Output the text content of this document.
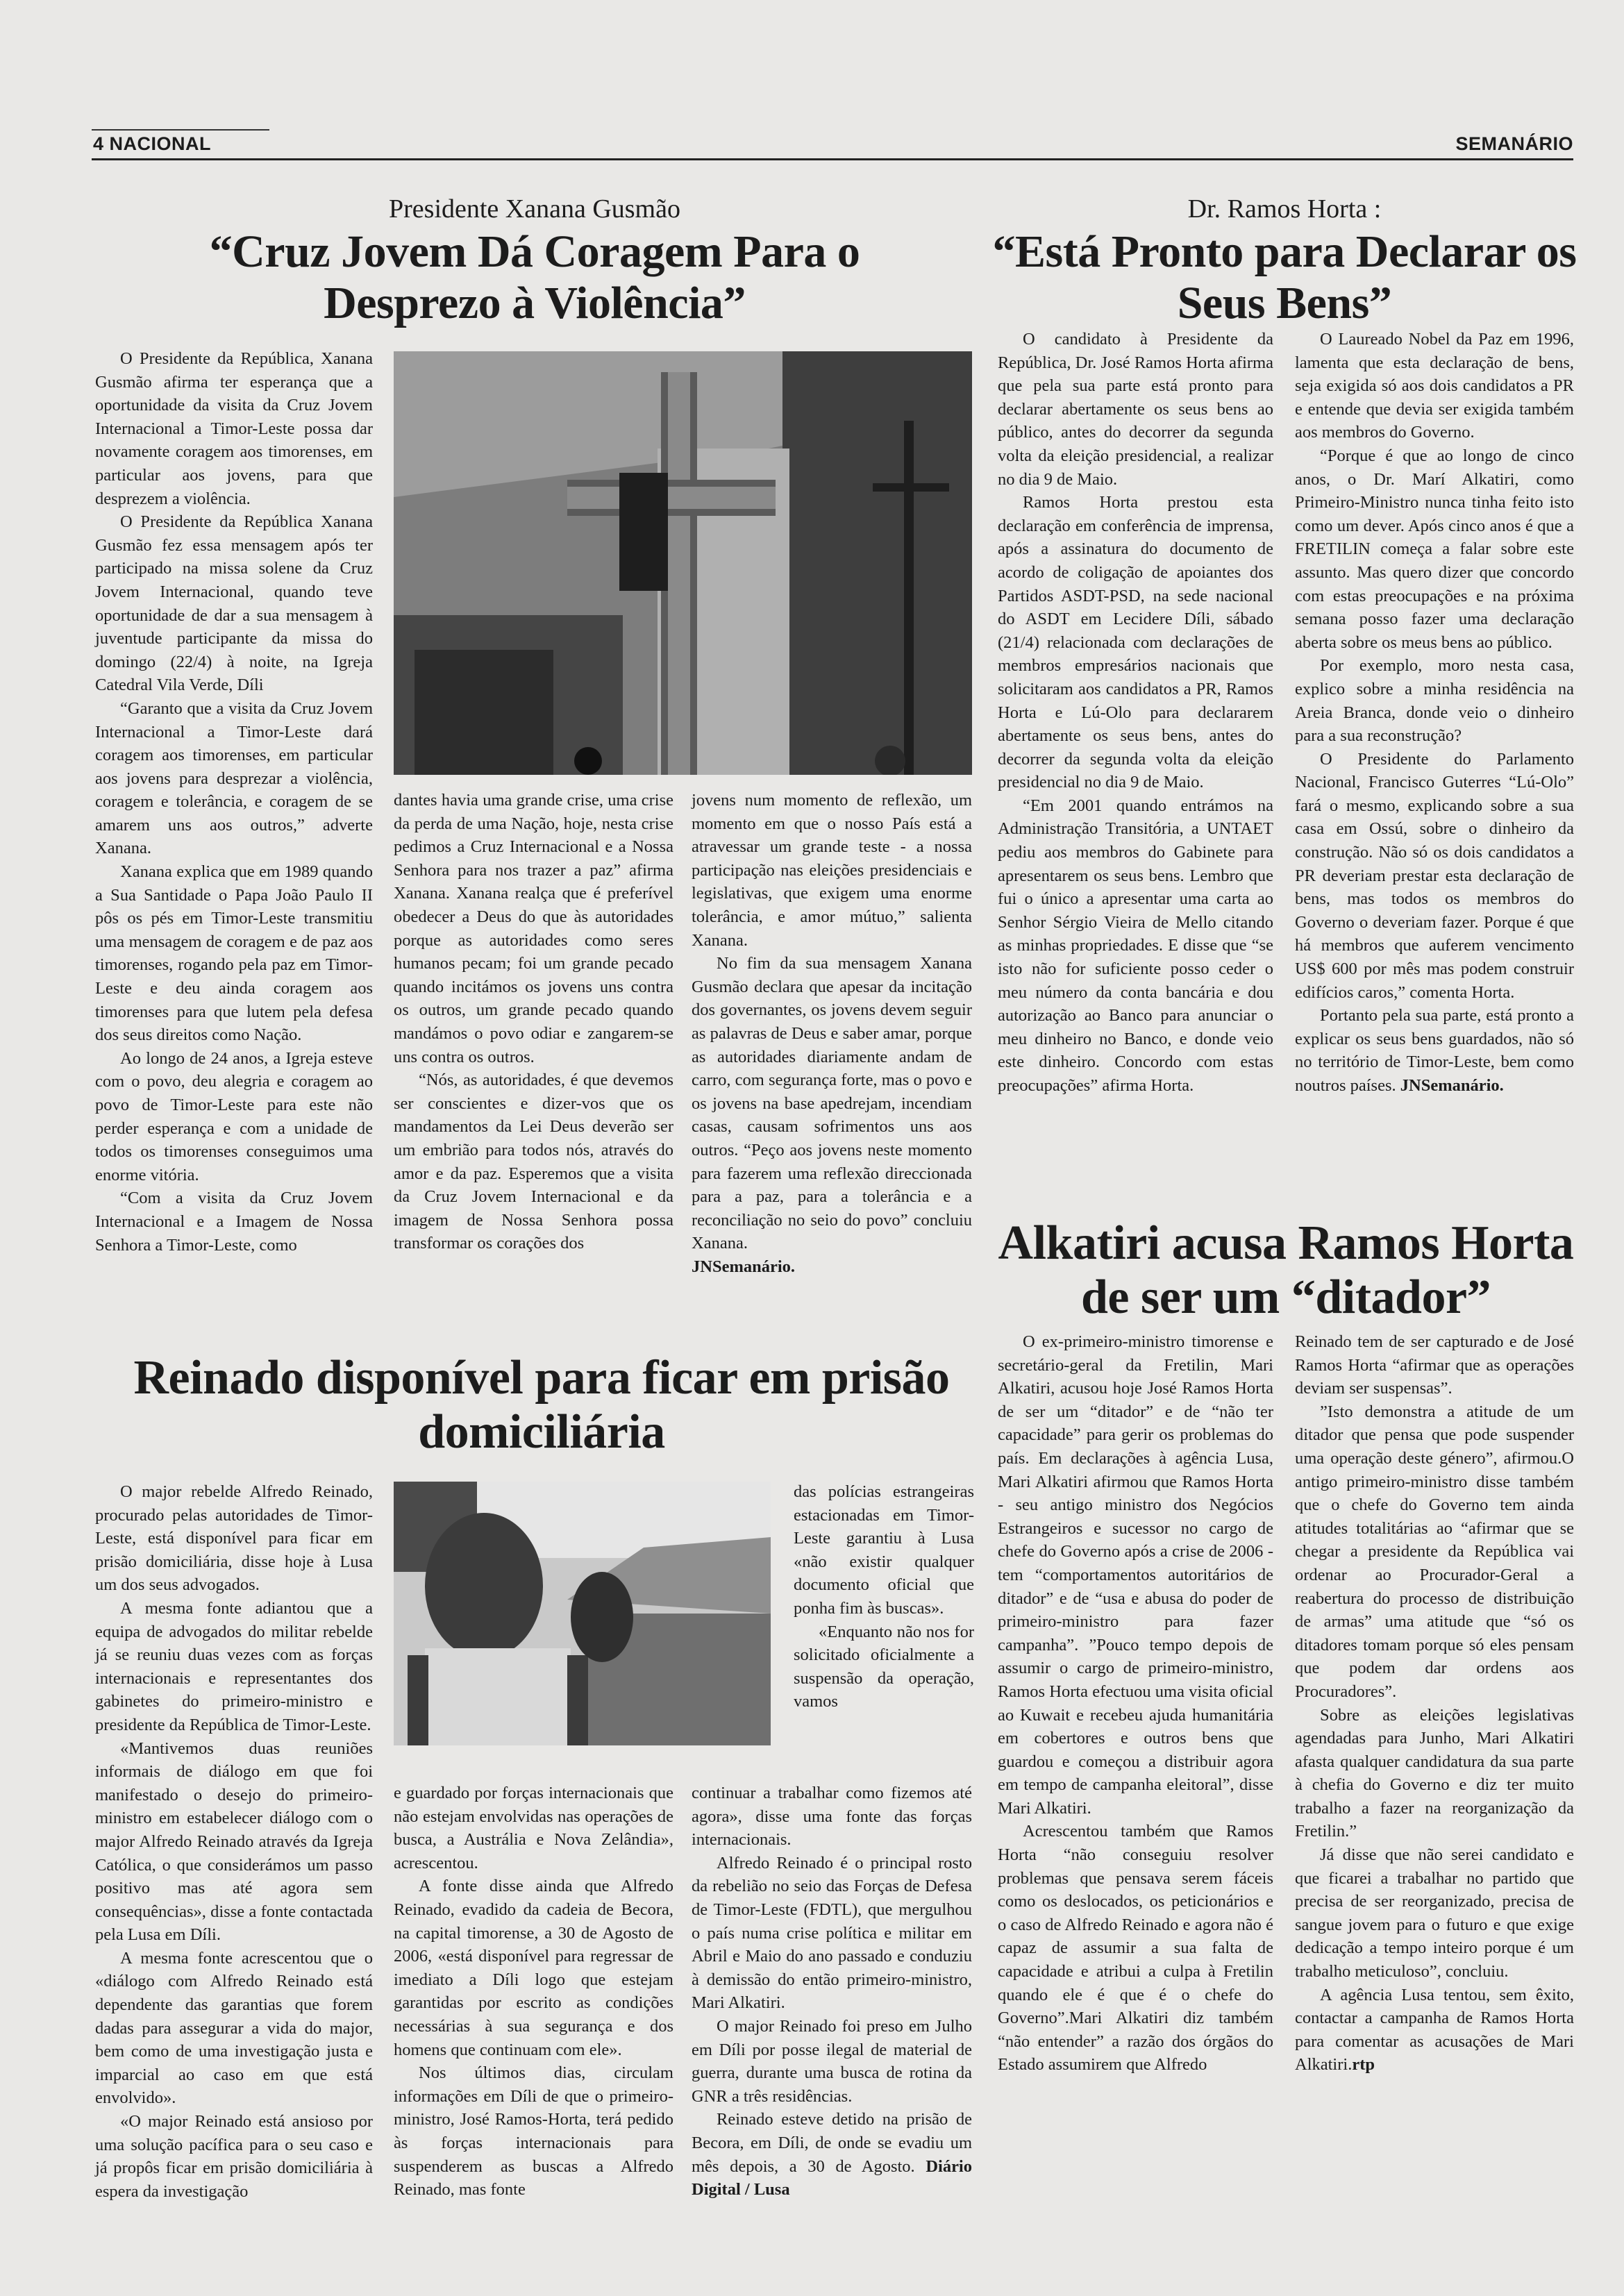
4 NACIONAL	SEMANÁRIO
Presidente Xanana Gusmão
“Cruz Jovem Dá Coragem Para o Desprezo à Violência”

O Presidente da República, Xanana Gusmão afirma ter esperança que a oportunidade da visita da Cruz Jovem Internacional a Timor-Leste possa dar novamente coragem aos timorenses, em particular aos jovens, para que desprezem a violência.

O Presidente da República Xanana Gusmão fez essa mensagem após ter participado na missa solene da Cruz Jovem Internacional, quando teve oportunidade de dar a sua mensagem à juventude participante da missa do domingo (22/4) à noite, na Igreja Catedral Vila Verde, Díli

“Garanto que a visita da Cruz Jovem Internacional a Timor-Leste dará coragem aos timorenses, em particular aos jovens para desprezar a violência, coragem e tolerância, e coragem de se amarem uns aos outros,” adverte Xanana.

Xanana explica que em 1989 quando a Sua Santidade o Papa João Paulo II pôs os pés em Timor-Leste transmitiu uma mensagem de coragem e de paz aos timorenses, rogando pela paz em Timor-Leste e deu ainda coragem aos timorenses para que lutem pela defesa dos seus direitos como Nação.

Ao longo de 24 anos, a Igreja esteve com o povo, deu alegria e coragem ao povo de Timor-Leste para este não perder esperança e com a unidade de todos os timorenses conseguimos uma enorme vitória.

“Com a visita da Cruz Jovem Internacional e a Imagem de Nossa Senhora a Timor-Leste, como

dantes havia uma grande crise, uma crise da perda de uma Nação, hoje, nesta crise pedimos a Cruz Internacional e a Nossa Senhora para nos trazer a paz” afirma Xanana. Xanana realça que é preferível obedecer a Deus do que às autoridades porque as autoridades como seres humanos pecam; foi um grande pecado quando incitámos os jovens uns contra os outros, um grande pecado quando mandámos o povo odiar e zangarem-se uns contra os outros.

“Nós, as autoridades, é que devemos ser conscientes e dizer-vos que os mandamentos da Lei Deus deverão ser um embrião para todos nós, através do amor e da paz. Esperemos que a visita da Cruz Jovem Internacional e da imagem de Nossa Senhora possa transformar os corações dos

jovens num momento de reflexão, um momento em que o nosso País está a atravessar um grande teste - a nossa participação nas eleições presidenciais e legislativas, que exigem uma enorme tolerância, e amor mútuo,” salienta Xanana.

No fim da sua mensagem Xanana Gusmão declara que apesar da incitação dos governantes, os jovens devem seguir as palavras de Deus e saber amar, porque as autoridades diariamente andam de carro, com segurança forte, mas o povo e os jovens na base apedrejam, incendiam casas, causam sofrimentos uns aos outros. “Peço aos jovens neste momento para fazerem uma reflexão direccionada para a paz, para a tolerância e a reconciliação no seio do povo” concluiu Xanana.

JNSemanário.

Dr. Ramos Horta :
“Está Pronto para Declarar os Seus Bens”

O candidato à Presidente da República, Dr. José Ramos Horta afirma que pela sua parte está pronto para declarar abertamente os seus bens ao público, antes do decorrer da segunda volta da eleição presidencial, a realizar no dia 9 de Maio.

Ramos Horta prestou esta declaração em conferência de imprensa, após a assinatura do documento de acordo de coligação de apoiantes dos Partidos ASDT-PSD, na sede nacional do ASDT em Lecidere Díli, sábado (21/4) relacionada com declarações de membros empresários nacionais que solicitaram aos candidatos a PR, Ramos Horta e Lú-Olo para declararem abertamente os seus bens, antes do decorrer da segunda volta da eleição presidencial no dia 9 de Maio.

“Em 2001 quando entrámos na Administração Transitória, a UNTAET pediu aos membros do Gabinete para apresentarem os seus bens. Lembro que fui o único a apresentar uma carta ao Senhor Sérgio Vieira de Mello citando as minhas propriedades. E disse que “se isto não for suficiente posso ceder o meu número da conta bancária e dou autorização ao Banco para anunciar o meu dinheiro no Banco, e donde veio este dinheiro. Concordo com estas preocupações” afirma Horta.

O Laureado Nobel da Paz em 1996, lamenta que esta declaração de bens, seja exigida só aos dois candidatos a PR e entende que devia ser exigida também aos membros do Governo.

“Porque é que ao longo de cinco anos, o Dr. Marí Alkatiri, como Primeiro-Ministro nunca tinha feito isto como um dever. Após cinco anos é que a FRETILIN começa a falar sobre este assunto. Mas quero dizer que concordo com estas preocupações e na próxima semana posso fazer uma declaração aberta sobre os meus bens ao público.

Por exemplo, moro nesta casa, explico sobre a minha residência na Areia Branca, donde veio o dinheiro para a sua reconstrução?

O Presidente do Parlamento Nacional, Francisco Guterres “Lú-Olo” fará o mesmo, explicando sobre a sua casa em Ossú, sobre o dinheiro da construção. Não só os dois candidatos a PR deveriam prestar esta declaração de bens, mas todos os membros do Governo o deveriam fazer. Porque é que há membros que auferem vencimento US$ 600 por mês mas podem construir edifícios caros,” comenta Horta.

Portanto pela sua parte, está pronto a explicar os seus bens guardados, não só no território de Timor-Leste, bem como noutros países. JNSemanário.

Reinado disponível para ficar em prisão domiciliária

O major rebelde Alfredo Reinado, procurado pelas autoridades de Timor-Leste, está disponível para ficar em prisão domiciliária, disse hoje à Lusa um dos seus advogados.

A mesma fonte adiantou que a equipa de advogados do militar rebelde já se reuniu duas vezes com as forças internacionais e representantes dos gabinetes do primeiro-ministro e presidente da República de Timor-Leste.

«Mantivemos duas reuniões informais de diálogo em que foi manifestado o desejo do primeiro-ministro em estabelecer diálogo com o major Alfredo Reinado através da Igreja Católica, o que considerámos um passo positivo mas até agora sem consequências», disse a fonte contactada pela Lusa em Díli.

A mesma fonte acrescentou que o «diálogo com Alfredo Reinado está dependente das garantias que forem dadas para assegurar a vida do major, bem como de uma investigação justa e imparcial ao caso em que está envolvido».

«O major Reinado está ansioso por uma solução pacífica para o seu caso e já propôs ficar em prisão domiciliária à espera da investigação

e guardado por forças internacionais que não estejam envolvidas nas operações de busca, a Austrália e Nova Zelândia», acrescentou.

A fonte disse ainda que Alfredo Reinado, evadido da cadeia de Becora, na capital timorense, a 30 de Agosto de 2006, «está disponível para regressar de imediato a Díli logo que estejam garantidas por escrito as condições necessárias à sua segurança e dos homens que continuam com ele».

Nos últimos dias, circulam informações em Díli de que o primeiro-ministro, José Ramos-Horta, terá pedido às forças internacionais para suspenderem as buscas a Alfredo Reinado, mas fonte

das polícias estrangeiras estacionadas em Timor-Leste garantiu à Lusa «não existir qualquer documento oficial que ponha fim às buscas».

«Enquanto não nos for solicitado oficialmente a suspensão da operação, vamos

continuar a trabalhar como fizemos até agora», disse uma fonte das forças internacionais.

Alfredo Reinado é o principal rosto da rebelião no seio das Forças de Defesa de Timor-Leste (FDTL), que mergulhou o país numa crise política e militar em Abril e Maio do ano passado e conduziu à demissão do então primeiro-ministro, Mari Alkatiri.

O major Reinado foi preso em Julho em Díli por posse ilegal de material de guerra, durante uma busca de rotina da GNR a três residências.

Reinado esteve detido na prisão de Becora, em Díli, de onde se evadiu um mês depois, a 30 de Agosto. Diário Digital / Lusa

Alkatiri acusa Ramos Horta de ser um “ditador”

O ex-primeiro-ministro timorense e secretário-geral da Fretilin, Mari Alkatiri, acusou hoje José Ramos Horta de ser um “ditador” e de “não ter capacidade” para gerir os problemas do país. Em declarações à agência Lusa, Mari Alkatiri afirmou que Ramos Horta - seu antigo ministro dos Negócios Estrangeiros e sucessor no cargo de chefe do Governo após a crise de 2006 - tem “comportamentos autoritários de ditador” e de “usa e abusa do poder de primeiro-ministro para fazer campanha”. ”Pouco tempo depois de assumir o cargo de primeiro-ministro, Ramos Horta efectuou uma visita oficial ao Kuwait e recebeu ajuda humanitária em cobertores e outros bens que guardou e começou a distribuir agora em tempo de campanha eleitoral”, disse Mari Alkatiri.

Acrescentou também que Ramos Horta “não conseguiu resolver problemas que pensava serem fáceis como os deslocados, os peticionários e o caso de Alfredo Reinado e agora não é capaz de assumir a sua falta de capacidade e atribui a culpa à Fretilin quando ele é que é o chefe do Governo”.Mari Alkatiri diz também “não entender” a razão dos órgãos do Estado assumirem que Alfredo

Reinado tem de ser capturado e de José Ramos Horta “afirmar que as operações deviam ser suspensas”.

”Isto demonstra a atitude de um ditador que pensa que pode suspender uma operação deste género”, afirmou.O antigo primeiro-ministro disse também que o chefe do Governo tem ainda atitudes totalitárias ao “afirmar que se chegar a presidente da República vai ordenar ao Procurador-Geral a reabertura do processo de distribuição de armas” uma atitude que “só os ditadores tomam porque só eles pensam que podem dar ordens aos Procuradores”.

Sobre as eleições legislativas agendadas para Junho, Mari Alkatiri afasta qualquer candidatura da sua parte à chefia do Governo e diz ter muito trabalho a fazer na reorganização da Fretilin.”

Já disse que não serei candidato e que ficarei a trabalhar no partido que precisa de ser reorganizado, precisa de sangue jovem para o futuro e que exige dedicação a tempo inteiro porque é um trabalho meticuloso”, concluiu.

A agência Lusa tentou, sem êxito, contactar a campanha de Ramos Horta para comentar as acusações de Mari Alkatiri.rtp
